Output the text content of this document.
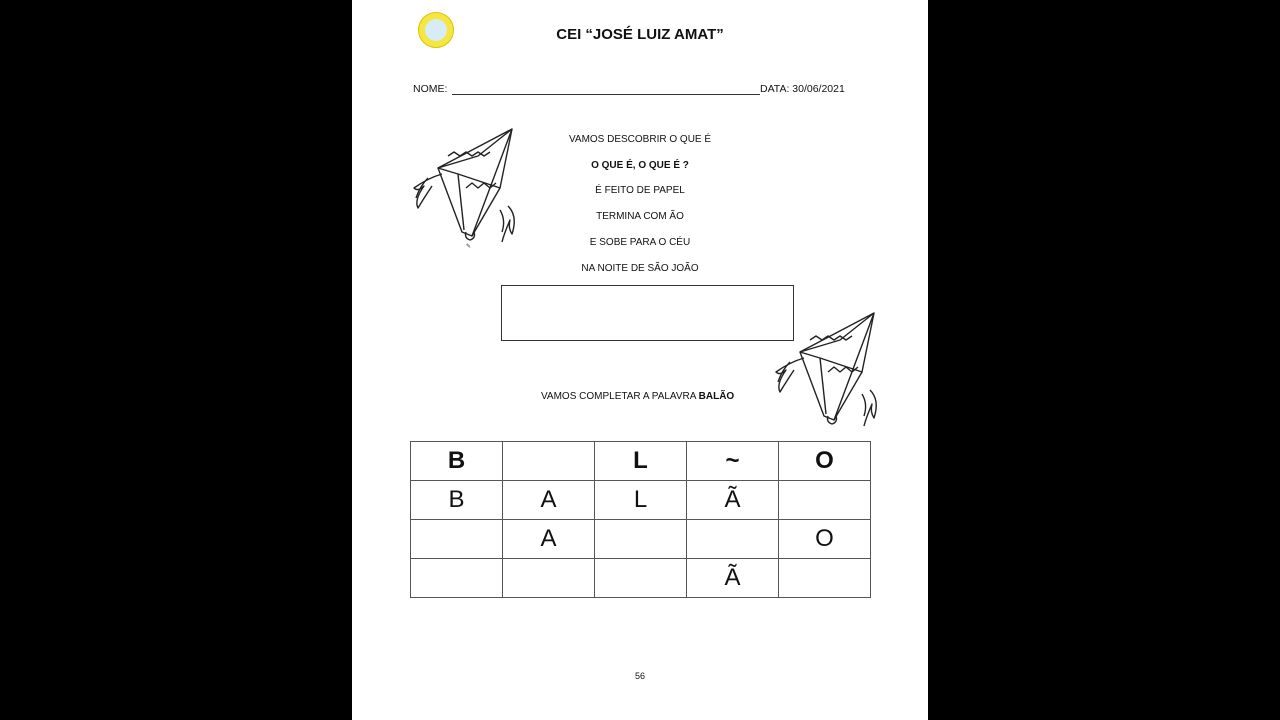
CEI “JOSÉ LUIZ AMAT”
NOME:	DATA: 30/06/2021
✎
VAMOS DESCOBRIR O QUE É
O QUE É, O QUE É ?
É FEITO DE PAPEL
TERMINA COM ÃO
E SOBE PARA O CÉU
NA NOITE DE SÃO JOÃO
VAMOS COMPLETAR A PALAVRA BALÃO
B		L	~	O
B	A	L	Ã	
	A			O
			Ã	
56
